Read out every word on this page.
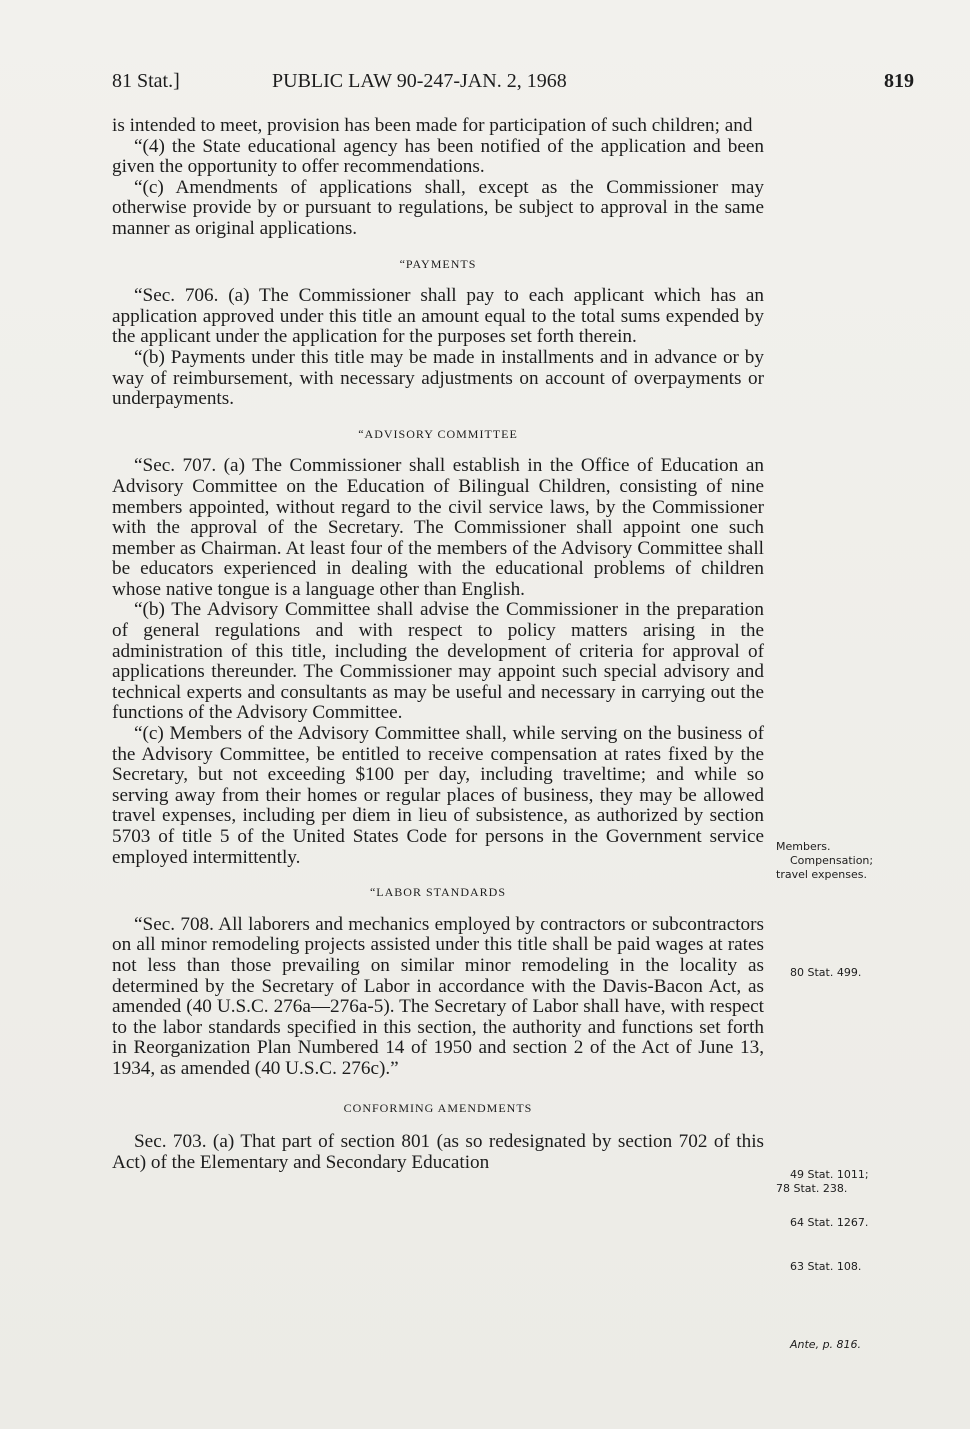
81 Stat.]	PUBLIC LAW 90-247-JAN. 2, 1968	819

is intended to meet, provision has been made for participation of such children; and

“(4) the State educational agency has been notified of the application and been given the opportunity to offer recommendations.

“(c) Amendments of applications shall, except as the Commissioner may otherwise provide by or pursuant to regulations, be subject to approval in the same manner as original applications.

“PAYMENTS

“Sec. 706. (a) The Commissioner shall pay to each applicant which has an application approved under this title an amount equal to the total sums expended by the applicant under the application for the purposes set forth therein.

“(b) Payments under this title may be made in installments and in advance or by way of reimbursement, with necessary adjustments on account of overpayments or underpayments.

“ADVISORY COMMITTEE

“Sec. 707. (a) The Commissioner shall establish in the Office of Education an Advisory Committee on the Education of Bilingual Children, consisting of nine members appointed, without regard to the civil service laws, by the Commissioner with the approval of the Secretary. The Commissioner shall appoint one such member as Chairman. At least four of the members of the Advisory Committee shall be educators experienced in dealing with the educational problems of children whose native tongue is a language other than English.

“(b) The Advisory Committee shall advise the Commissioner in the preparation of general regulations and with respect to policy matters arising in the administration of this title, including the development of criteria for approval of applications thereunder. The Commissioner may appoint such special advisory and technical experts and consultants as may be useful and necessary in carrying out the functions of the Advisory Committee.

“(c) Members of the Advisory Committee shall, while serving on the business of the Advisory Committee, be entitled to receive compensation at rates fixed by the Secretary, but not exceeding $100 per day, including traveltime; and while so serving away from their homes or regular places of business, they may be allowed travel expenses, including per diem in lieu of subsistence, as authorized by section 5703 of title 5 of the United States Code for persons in the Government service employed intermittently.

“LABOR STANDARDS

“Sec. 708. All laborers and mechanics employed by contractors or subcontractors on all minor remodeling projects assisted under this title shall be paid wages at rates not less than those prevailing on similar minor remodeling in the locality as determined by the Secretary of Labor in accordance with the Davis-Bacon Act, as amended (40 U.S.C. 276a—276a-5). The Secretary of Labor shall have, with respect to the labor standards specified in this section, the authority and functions set forth in Reorganization Plan Numbered 14 of 1950 and section 2 of the Act of June 13, 1934, as amended (40 U.S.C. 276c).”

CONFORMING AMENDMENTS

Sec. 703. (a) That part of section 801 (as so redesignated by section 702 of this Act) of the Elementary and Secondary Education

Members.
Compensation;
travel expenses.
80 Stat. 499.
49 Stat. 1011;
78 Stat. 238.
64 Stat. 1267.
63 Stat. 108.
Ante, p. 816.
